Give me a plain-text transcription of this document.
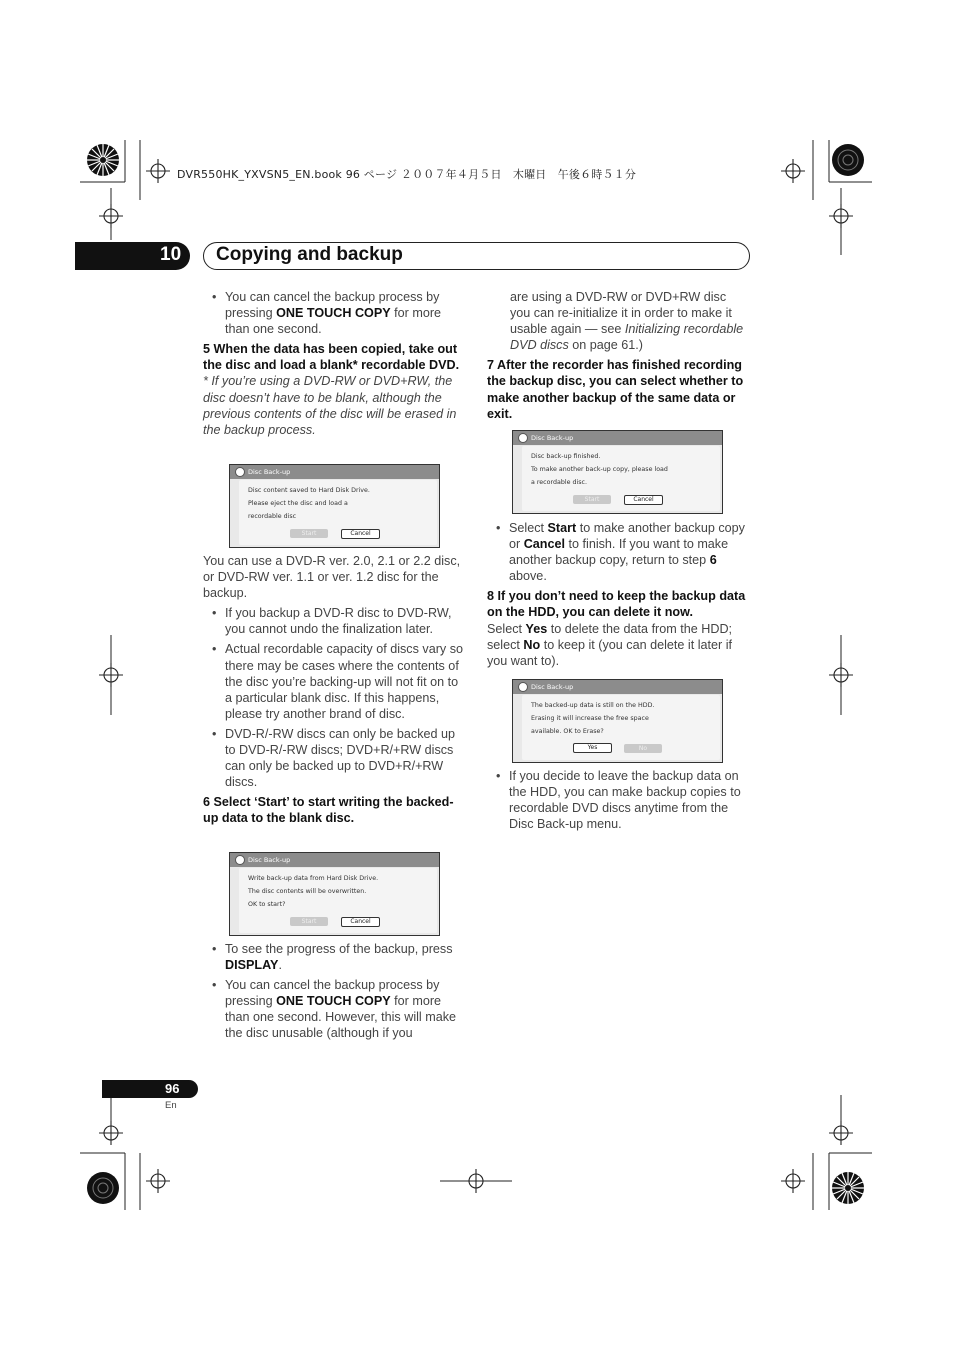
DVR550HK_YXVSN5_EN.book 96 ページ ２００７年４月５日　木曜日　午後６時５１分
10 Copying and backup

• You can cancel the backup process by pressing ONE TOUCH COPY for more than one second.

5 When the data has been copied, take out the disc and load a blank* recordable DVD.

* If you’re using a DVD-RW or DVD+RW, the disc doesn’t have to be blank, although the previous contents of the disc will be erased in the backup process.

Disc Back-up
Disc content saved to Hard Disk Drive.
Please eject the disc and load a
recordable disc
Start	Cancel

You can use a DVD-R ver. 2.0, 2.1 or 2.2 disc, or DVD-RW ver. 1.1 or ver. 1.2 disc for the backup.

• If you backup a DVD-R disc to DVD-RW, you cannot undo the finalization later.

• Actual recordable capacity of discs vary so there may be cases where the contents of the disc you’re backing-up will not fit on to a particular blank disc. If this happens, please try another brand of disc.

• DVD-R/-RW discs can only be backed up to DVD-R/-RW discs; DVD+R/+RW discs can only be backed up to DVD+R/+RW discs.

6 Select ‘Start’ to start writing the backed-up data to the blank disc.

Disc Back-up
Write back-up data from Hard Disk Drive.
The disc contents will be overwritten.
OK to start?
Start	Cancel

• To see the progress of the backup, press DISPLAY.

• You can cancel the backup process by pressing ONE TOUCH COPY for more than one second. However, this will make the disc unusable (although if you

are using a DVD-RW or DVD+RW disc you can re-initialize it in order to make it usable again — see Initializing recordable DVD discs on page 61.)

7 After the recorder has finished recording the backup disc, you can select whether to make another backup of the same data or exit.

Disc Back-up
Disc back-up finished.
To make another back-up copy, please load
a recordable disc.
Start	Cancel

• Select Start to make another backup copy or Cancel to finish. If you want to make another backup copy, return to step 6 above.

8 If you don’t need to keep the backup data on the HDD, you can delete it now.

Select Yes to delete the data from the HDD; select No to keep it (you can delete it later if you want to).

Disc Back-up
The backed-up data is still on the HDD.
Erasing it will increase the free space
available. OK to Erase?
Yes	No

• If you decide to leave the backup data on the HDD, you can make backup copies to recordable DVD discs anytime from the Disc Back-up menu.

96
En
